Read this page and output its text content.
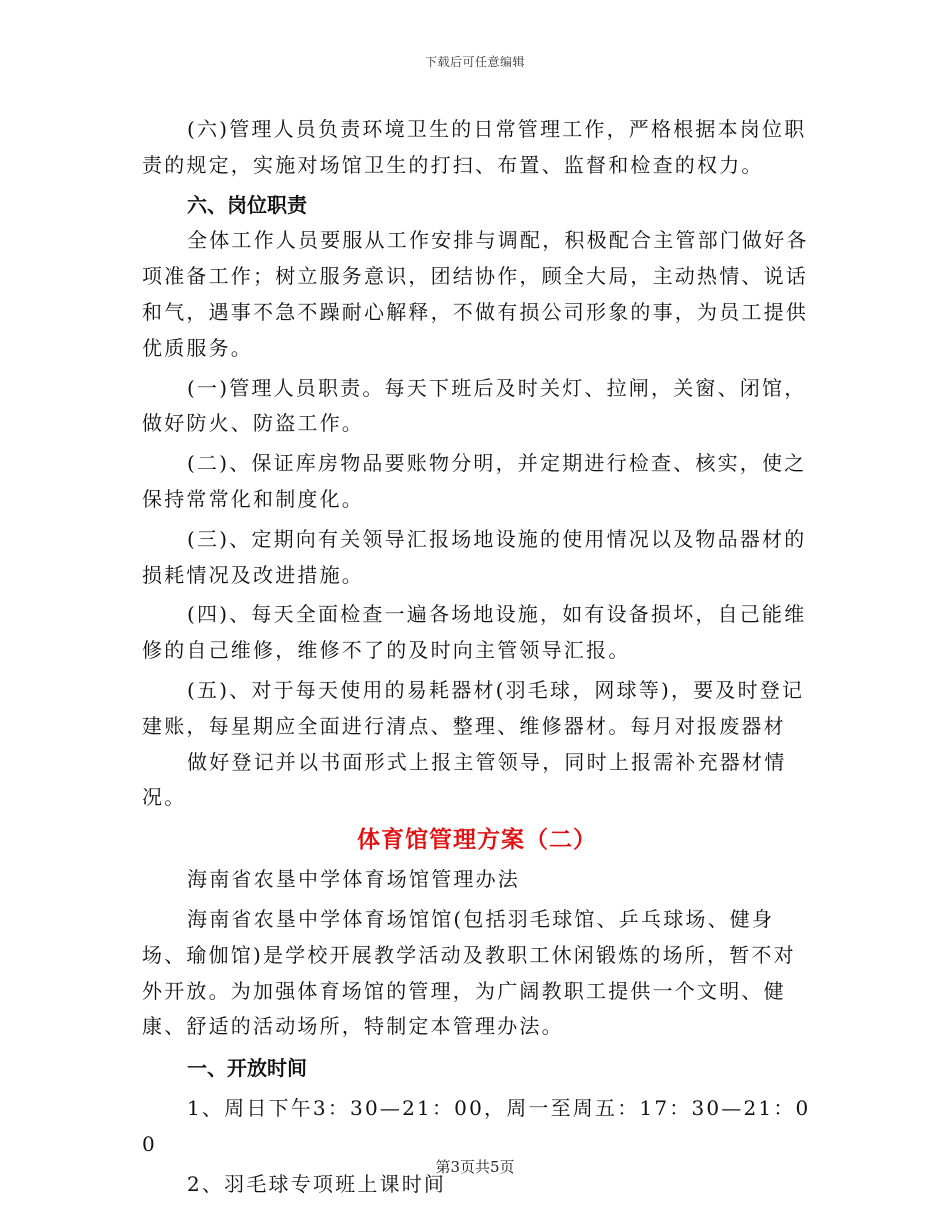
下载后可任意编辑

(六)管理人员负责环境卫生的日常管理工作，严格根据本岗位职责的规定，实施对场馆卫生的打扫、布置、监督和检查的权力。

六、岗位职责

全体工作人员要服从工作安排与调配，积极配合主管部门做好各项准备工作；树立服务意识，团结协作，顾全大局，主动热情、说话和气，遇事不急不躁耐心解释，不做有损公司形象的事，为员工提供优质服务。

(一)管理人员职责。每天下班后及时关灯、拉闸，关窗、闭馆，做好防火、防盗工作。

(二)、保证库房物品要账物分明，并定期进行检查、核实，使之保持常常化和制度化。

(三)、定期向有关领导汇报场地设施的使用情况以及物品器材的损耗情况及改进措施。

(四)、每天全面检查一遍各场地设施，如有设备损坏，自己能维修的自己维修，维修不了的及时向主管领导汇报。

(五)、对于每天使用的易耗器材(羽毛球，网球等)，要及时登记建账，每星期应全面进行清点、整理、维修器材。每月对报废器材

做好登记并以书面形式上报主管领导，同时上报需补充器材情况。

体育馆管理方案（二）

海南省农垦中学体育场馆管理办法

海南省农垦中学体育场馆馆(包括羽毛球馆、乒乓球场、健身场、瑜伽馆)是学校开展教学活动及教职工休闲锻炼的场所，暂不对外开放。为加强体育场馆的管理，为广阔教职工提供一个文明、健康、舒适的活动场所，特制定本管理办法。

一、开放时间

1、周日下午3：30—21：00，周一至周五：17：30—21：00

2、羽毛球专项班上课时间

第3页共5页
